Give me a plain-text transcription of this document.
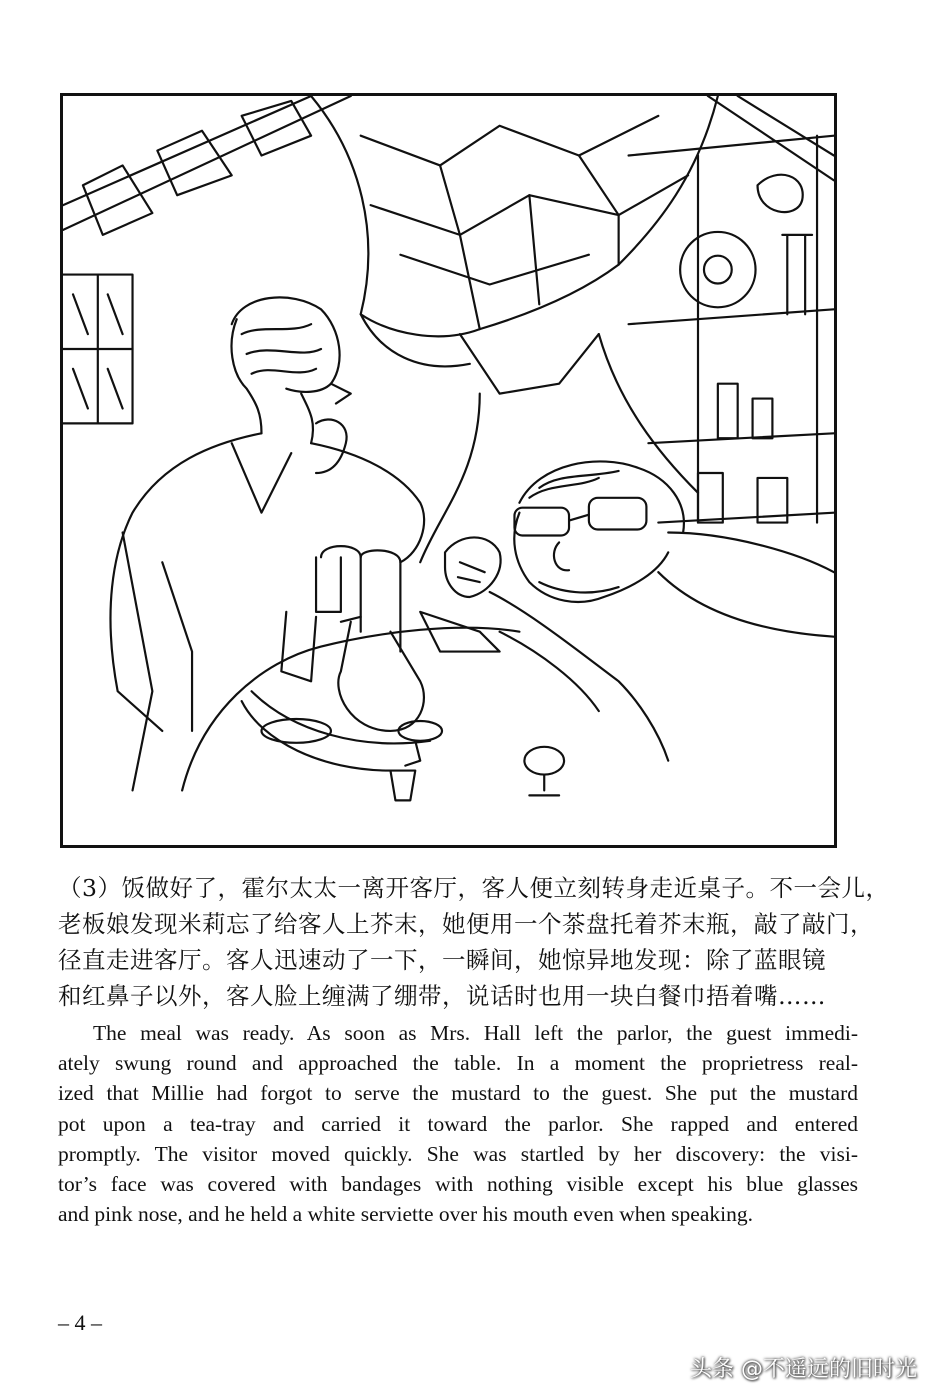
（3）饭做好了，霍尔太太一离开客厅，客人便立刻转身走近桌子。不一会儿，

老板娘发现米莉忘了给客人上芥末，她便用一个茶盘托着芥末瓶，敲了敲门，

径直走进客厅。客人迅速动了一下，一瞬间，她惊异地发现：除了蓝眼镜

和红鼻子以外，客人脸上缠满了绷带，说话时也用一块白餐巾捂着嘴……

The meal was ready. As soon as Mrs. Hall left the parlor, the guest immedi-

ately swung round and approached the table. In a moment the proprietress real-

ized that Millie had forgot to serve the mustard to the guest. She put the mustard

pot upon a tea-tray and carried it toward the parlor. She rapped and entered

promptly. The visitor moved quickly. She was startled by her discovery: the visi-

tor’s face was covered with bandages with nothing visible except his blue glasses

and pink nose, and he held a white serviette over his mouth even when speaking.

– 4 –
头条 @不遥远的旧时光
